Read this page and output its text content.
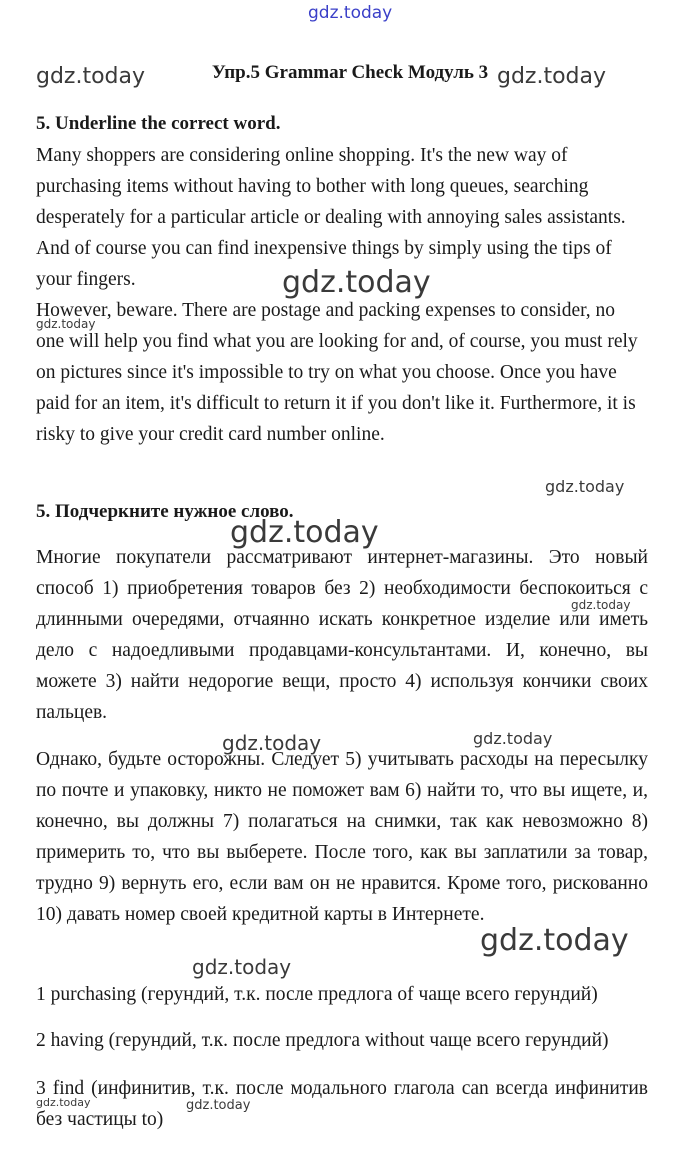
gdz.today
gdz.today	gdz.today
Упр.5 Grammar Check Модуль 3
5. Underline the correct word.
Many shoppers are considering online shopping. It's the new way of purchasing items without having to bother with long queues, searching desperately for a particular article or dealing with annoying sales assistants. And of course you can find inexpensive things by simply using the tips of your fingers.	gdz.today
However, beware. There are postage and packing expenses to consider, no one will help you find what you are looking for and, of course, you must rely on pictures since it's impossible to try on what you choose. Once you have paid for an item, it's difficult to return it if you don't like it. Furthermore, it is risky to give your credit card number online.
gdz.today
gdz.today
5. Подчеркните нужное слово.
gdz.today
Многие покупатели рассматривают интернет-магазины. Это новый способ 1) приобретения товаров без 2) необходимости беспокоиться с длинными очередями, отчаянно искать конкретное изделие или иметь дело с надоедливыми продавцами-консультантами. И, конечно, вы можете 3) найти недорогие вещи, просто 4) используя кончики своих пальцев.
gdz.today
gdz.today	gdz.today
Однако, будьте осторожны. Следует 5) учитывать расходы на пересылку по почте и упаковку, никто не поможет вам 6) найти то, что вы ищете, и, конечно, вы должны 7) полагаться на снимки, так как невозможно 8) примерить то, что вы выберете. После того, как вы заплатили за товар, трудно 9) вернуть его, если вам он не нравится. Кроме того, рискованно 10) давать номер своей кредитной карты в Интернете.
gdz.today
gdz.today
1 purchasing (герундий, т.к. после предлога of чаще всего герундий)
2 having (герундий, т.к. после предлога without чаще всего герундий)
3 find (инфинитив, т.к. после модального глагола can всегда инфинитив без частицы to)
gdz.today	gdz.today
gdz.today
